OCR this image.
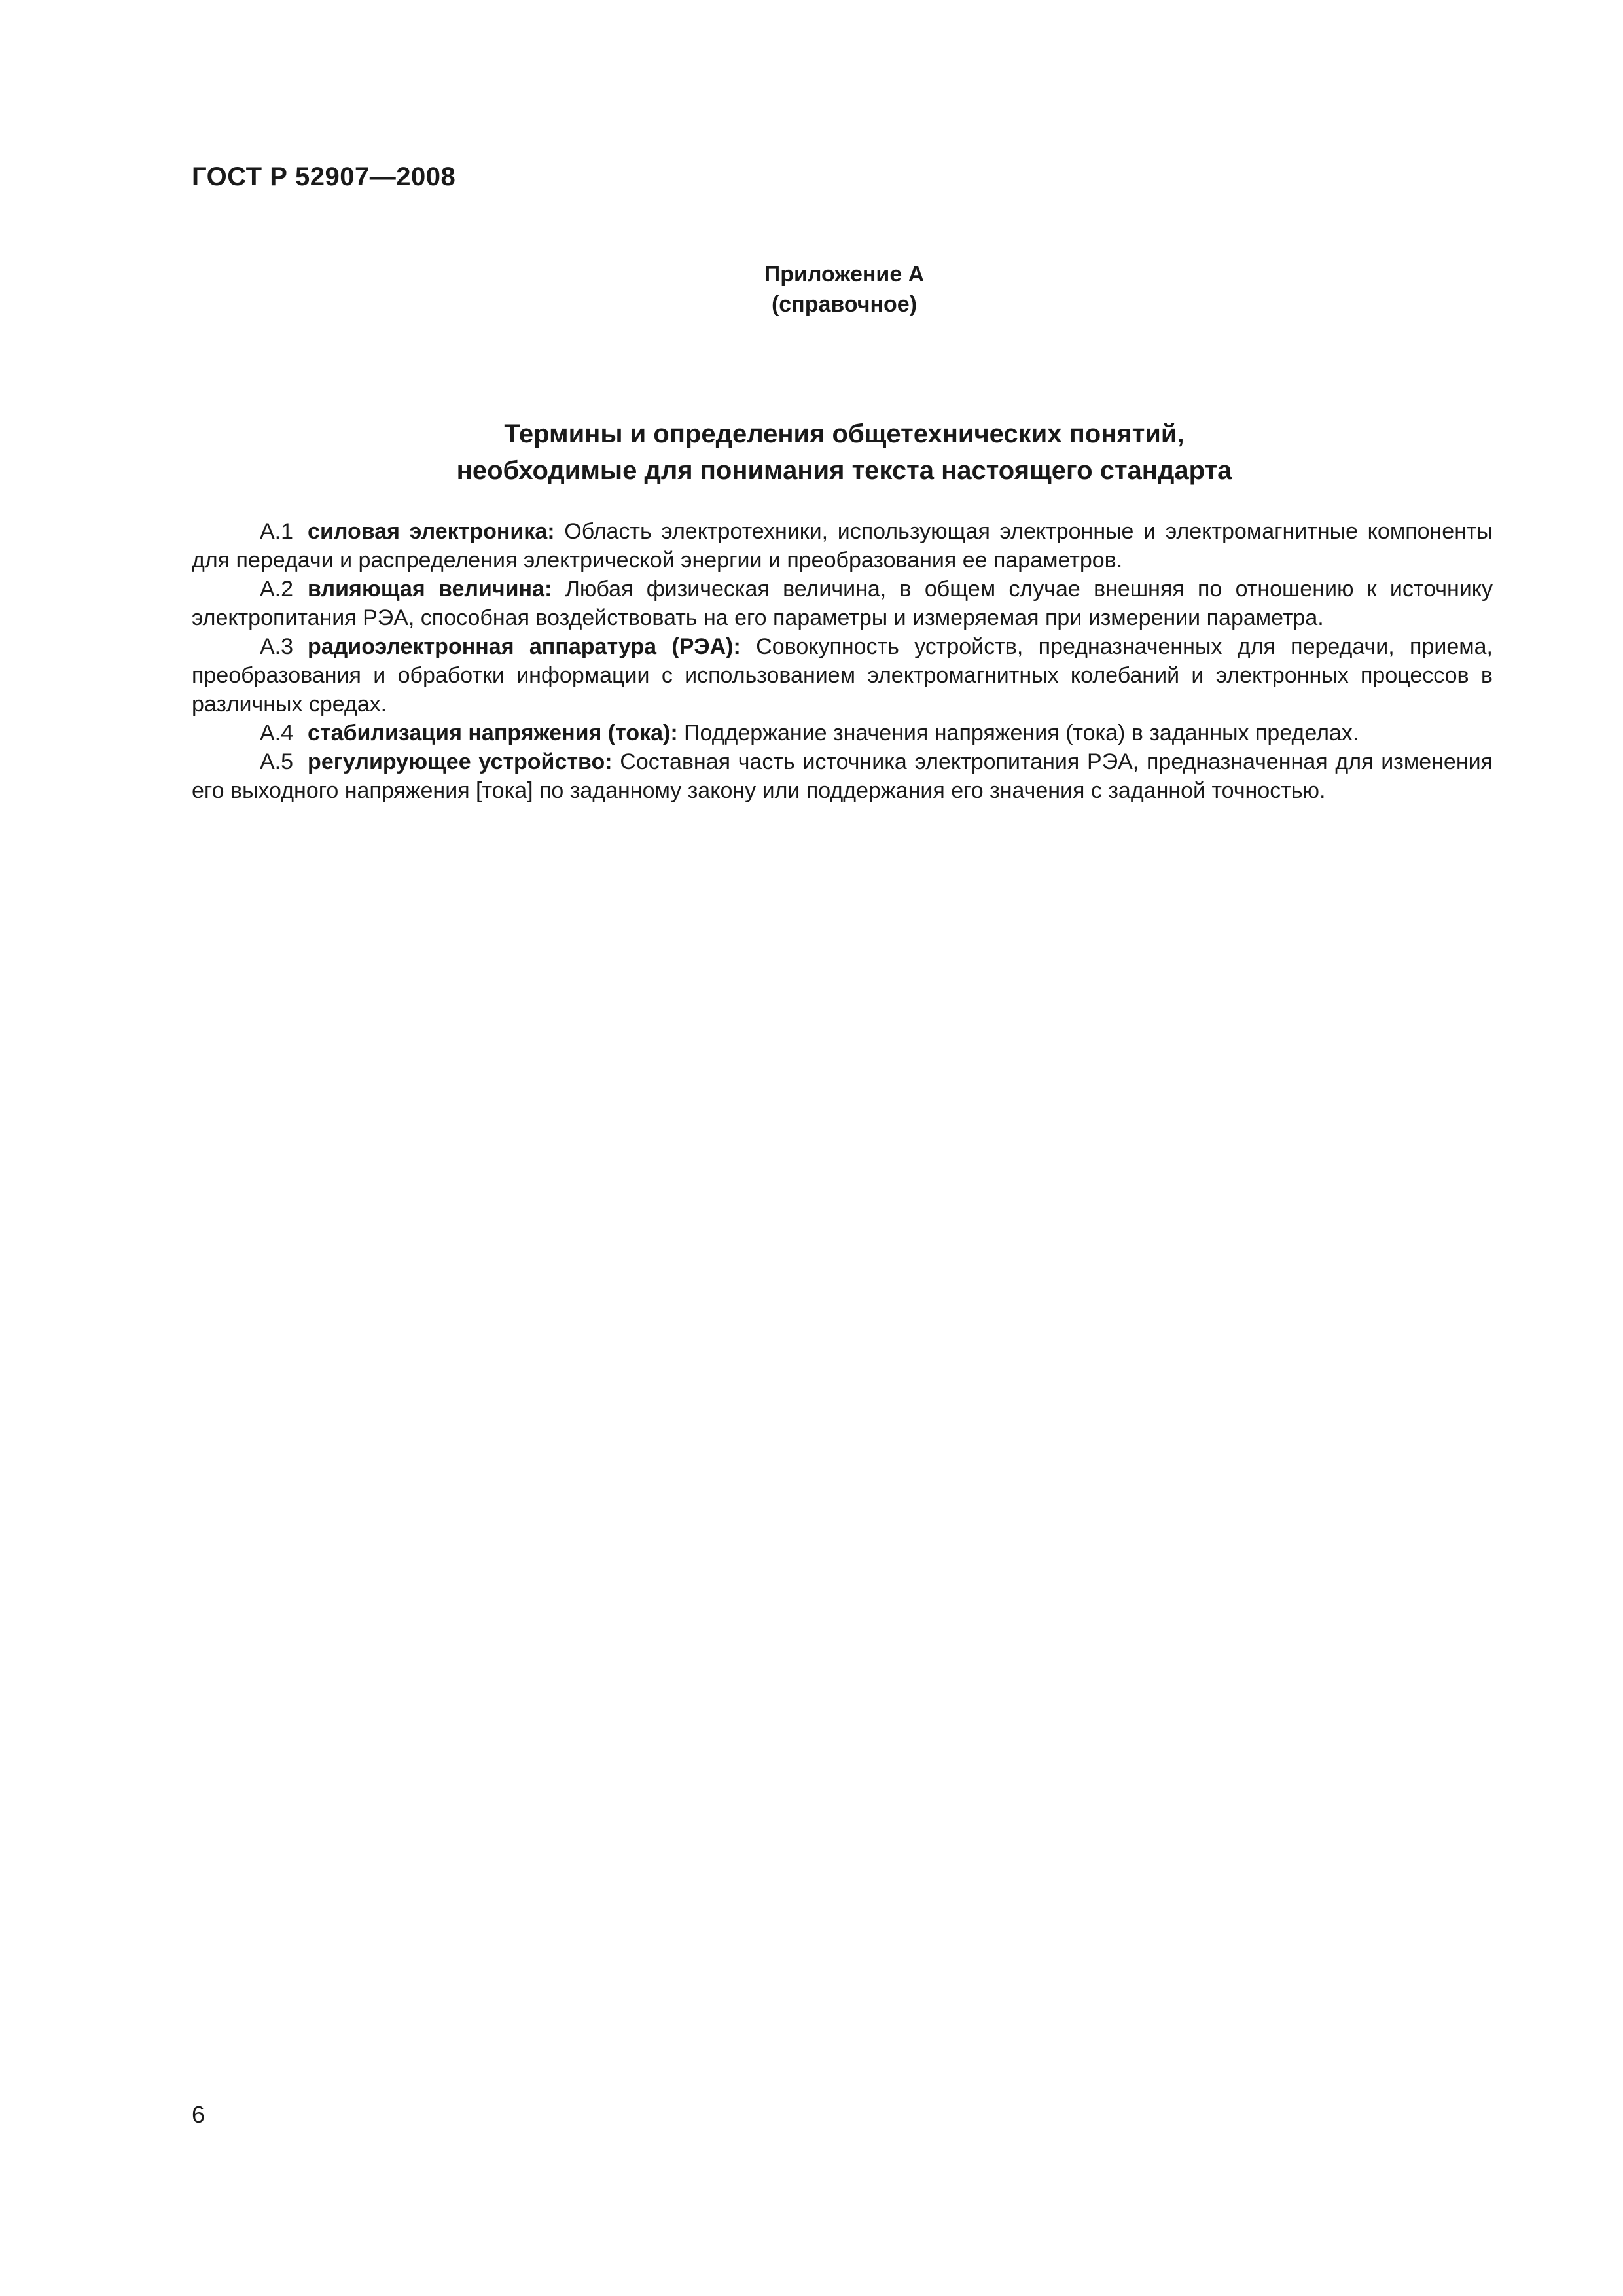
ГОСТ Р 52907—2008
Приложение А
(справочное)
Термины и определения общетехнических понятий,
необходимые для понимания текста настоящего стандарта

А.1 силовая электроника: Область электротехники, использующая электронные и электромагнитные компоненты для передачи и распределения электрической энергии и преобразования ее параметров.

А.2 влияющая величина: Любая физическая величина, в общем случае внешняя по отношению к источнику электропитания РЭА, способная воздействовать на его параметры и измеряемая при измерении параметра.

А.3 радиоэлектронная аппаратура (РЭА): Совокупность устройств, предназначенных для передачи, приема, преобразования и обработки информации с использованием электромагнитных колебаний и электронных процессов в различных средах.

А.4 стабилизация напряжения (тока): Поддержание значения напряжения (тока) в заданных пределах.

А.5 регулирующее устройство: Составная часть источника электропитания РЭА, предназначенная для изменения его выходного напряжения [тока] по заданному закону или поддержания его значения с заданной точностью.

6
